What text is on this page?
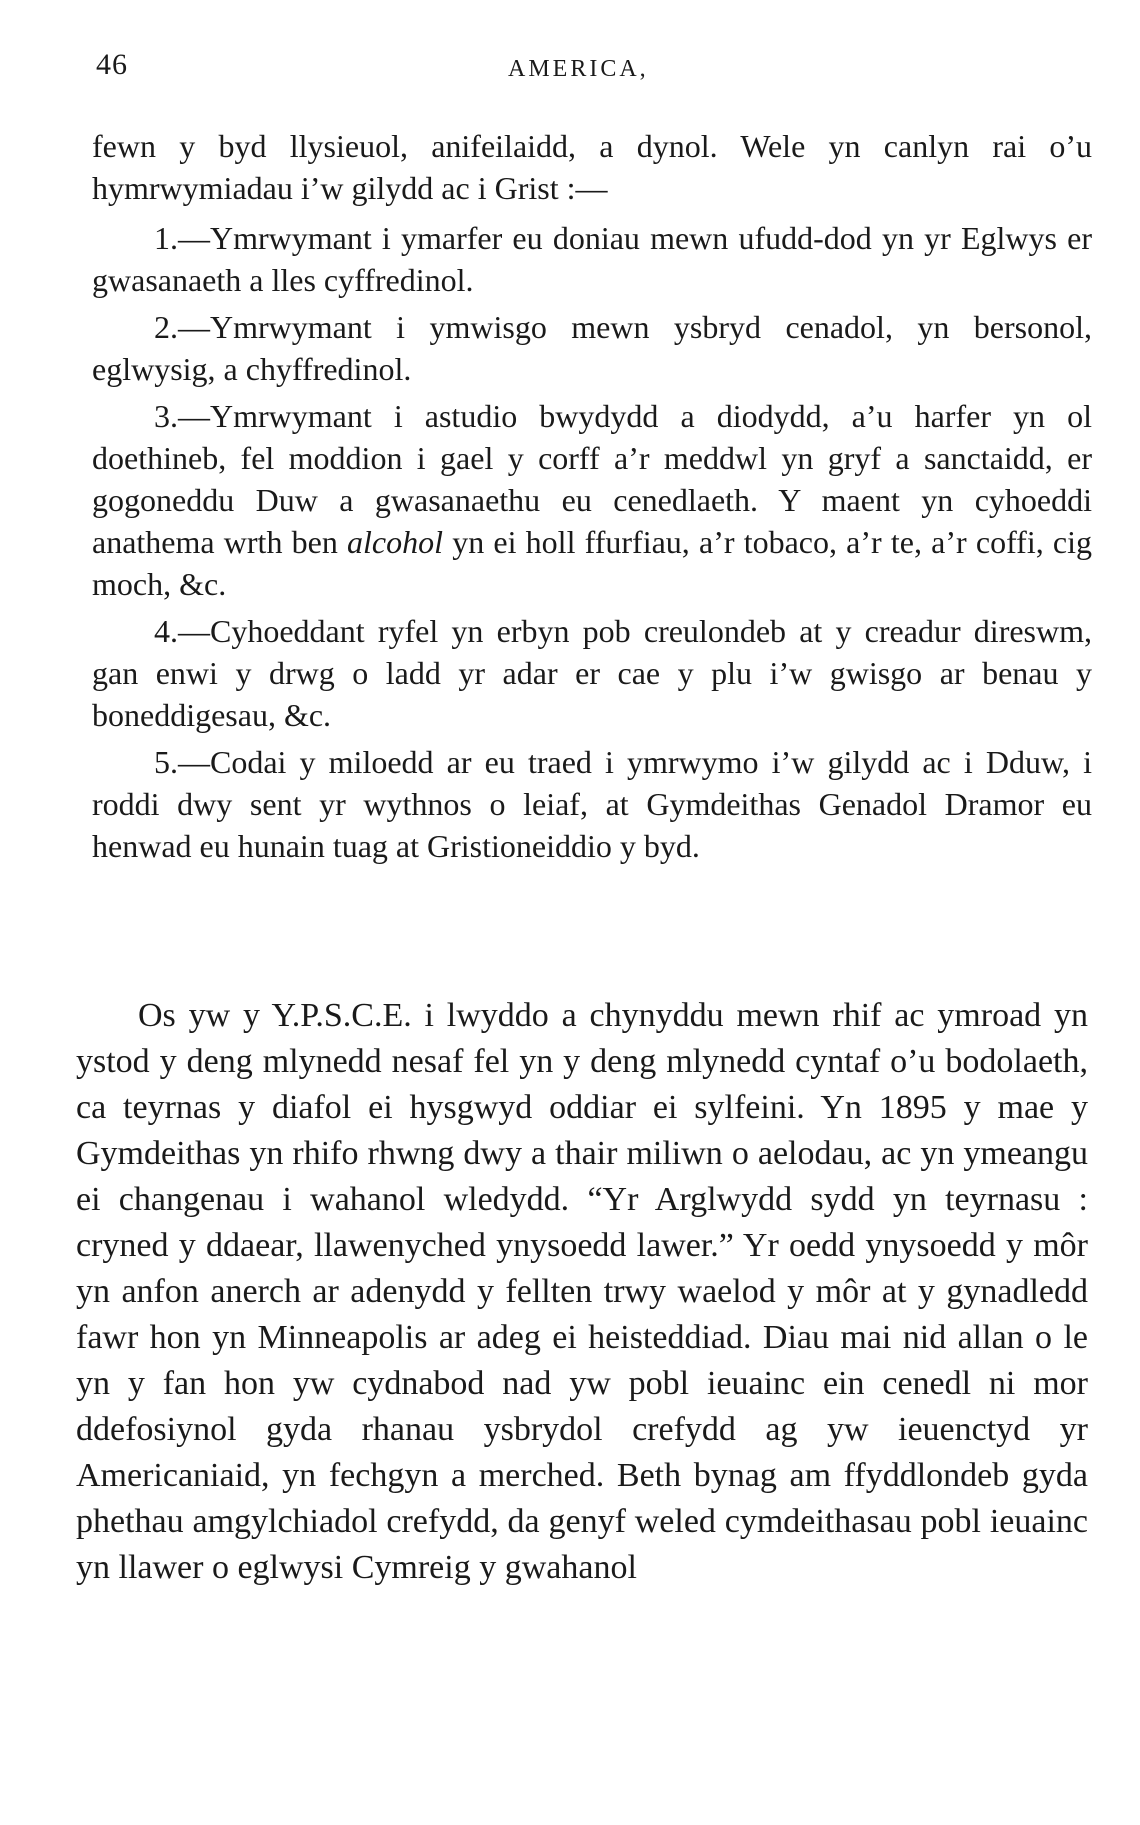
46	AMERICA,

fewn y byd llysieuol, anifeilaidd, a dynol. Wele yn canlyn rai o’u hymrwymiadau i’w gilydd ac i Grist :—

1.—Ymrwymant i ymarfer eu doniau mewn ufudd-dod yn yr Eglwys er gwasanaeth a lles cyffredinol.

2.—Ymrwymant i ymwisgo mewn ysbryd cenadol, yn bersonol, eglwysig, a chyffredinol.

3.—Ymrwymant i astudio bwydydd a diodydd, a’u harfer yn ol doethineb, fel moddion i gael y corff a’r meddwl yn gryf a sanctaidd, er gogoneddu Duw a gwasanaethu eu cenedlaeth. Y maent yn cyhoeddi anathema wrth ben alcohol yn ei holl ffurfiau, a’r tobaco, a’r te, a’r coffi, cig moch, &c.

4.—Cyhoeddant ryfel yn erbyn pob creulondeb at y creadur direswm, gan enwi y drwg o ladd yr adar er cae y plu i’w gwisgo ar benau y boneddigesau, &c.

5.—Codai y miloedd ar eu traed i ymrwymo i’w gilydd ac i Dduw, i roddi dwy sent yr wythnos o leiaf, at Gymdeithas Genadol Dramor eu henwad eu hunain tuag at Gristioneiddio y byd.

Os yw y Y.P.S.C.E. i lwyddo a chynyddu mewn rhif ac ymroad yn ystod y deng mlynedd nesaf fel yn y deng mlynedd cyntaf o’u bodolaeth, ca teyrnas y diafol ei hysgwyd oddiar ei sylfeini. Yn 1895 y mae y Gymdeithas yn rhifo rhwng dwy a thair miliwn o aelodau, ac yn ymeangu ei changenau i wahanol wledydd. “Yr Arglwydd sydd yn teyrnasu : cryned y ddaear, llawenyched ynysoedd lawer.” Yr oedd ynysoedd y môr yn anfon anerch ar adenydd y fellten trwy waelod y môr at y gynadledd fawr hon yn Minneapolis ar adeg ei heisteddiad. Diau mai nid allan o le yn y fan hon yw cydnabod nad yw pobl ieuainc ein cenedl ni mor ddefosiynol gyda rhanau ysbrydol crefydd ag yw ieuenctyd yr Americaniaid, yn fechgyn a merched. Beth bynag am ffyddlondeb gyda phethau amgylchiadol crefydd, da genyf weled cymdeithasau pobl ieuainc yn llawer o eglwysi Cymreig y gwahanol
